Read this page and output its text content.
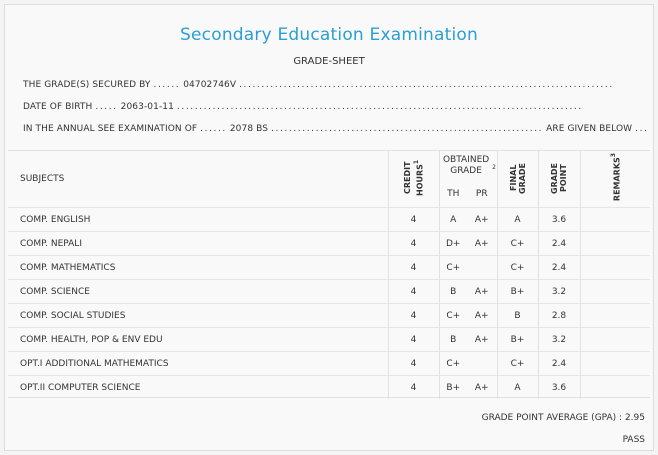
Secondary Education Examination
GRADE-SHEET
THE GRADE(S) SECURED BY ...... 04702746V ....................................................................................
DATE OF BIRTH ..... 2063-01-11 ...........................................................................................
IN THE ANNUAL SEE EXAMINATION OF ...... 2078 BS ............................................................. ARE GIVEN BELOW ...
SUBJECTS	CREDIT HOURS$^1$	OBTAINED GRADE $^2$		FINAL GRADE	GRADE POINT	REMARKS$^3$
		TH	PR			
COMP. ENGLISH	4	A	A+	A	3.6	
COMP. NEPALI	4	D+	A+	C+	2.4	
COMP. MATHEMATICS	4	C+		C+	2.4	
COMP. SCIENCE	4	B	A+	B+	3.2	
COMP. SOCIAL STUDIES	4	C+	A+	B	2.8	
COMP. HEALTH, POP & ENV EDU	4	B	A+	B+	3.2	
OPT.I ADDITIONAL MATHEMATICS	4	C+		C+	2.4	
OPT.II COMPUTER SCIENCE	4	B+	A+	A	3.6	
GRADE POINT AVERAGE (GPA) : 2.95
PASS
